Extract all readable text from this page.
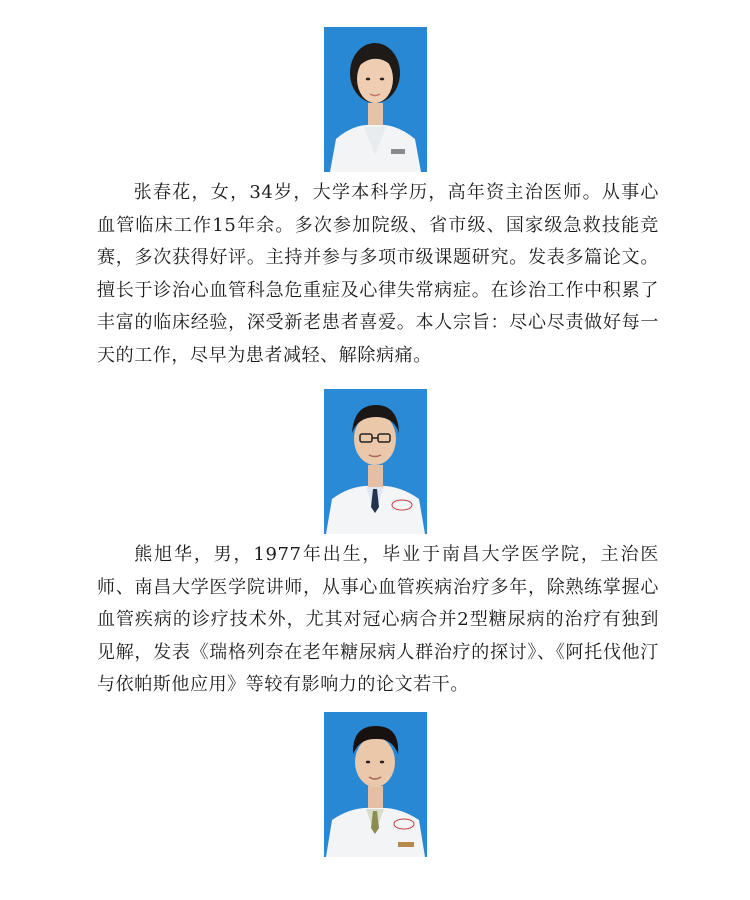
张春花，女，34岁，大学本科学历，高年资主治医师。从事心血管临床工作15年余。多次参加院级、省市级、国家级急救技能竞赛，多次获得好评。主持并参与多项市级课题研究。发表多篇论文。擅长于诊治心血管科急危重症及心律失常病症。在诊治工作中积累了丰富的临床经验，深受新老患者喜爱。本人宗旨：尽心尽责做好每一天的工作，尽早为患者减轻、解除病痛。

熊旭华，男，1977年出生，毕业于南昌大学医学院，主治医师、南昌大学医学院讲师，从事心血管疾病治疗多年，除熟练掌握心血管疾病的诊疗技术外，尤其对冠心病合并2型糖尿病的治疗有独到见解，发表《瑞格列奈在老年糖尿病人群治疗的探讨》、《阿托伐他汀与依帕斯他应用》等较有影响力的论文若干。
